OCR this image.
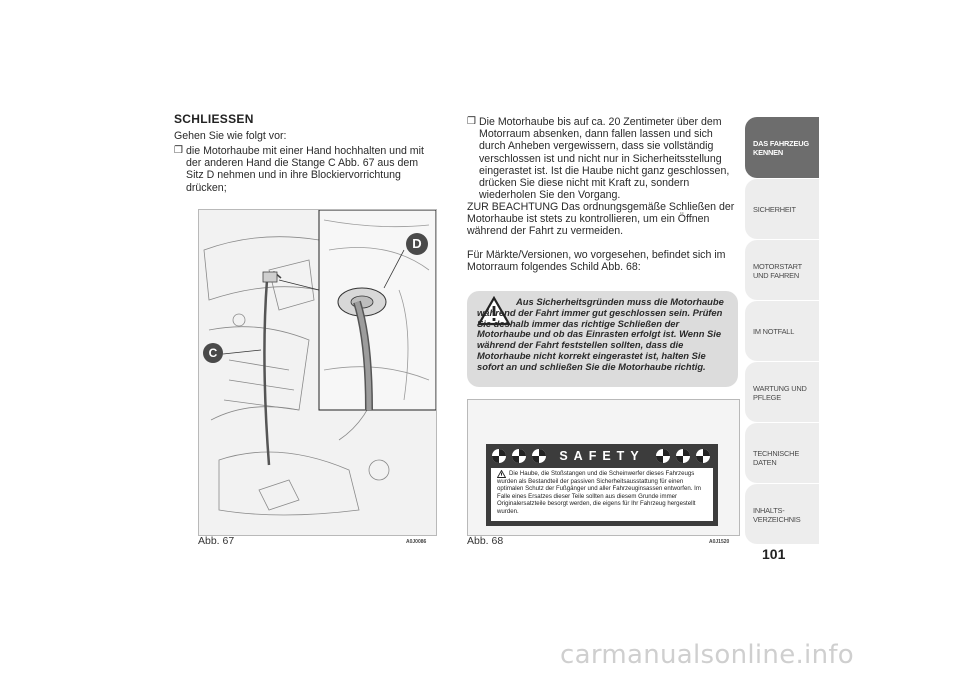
SCHLIESSEN
Gehen Sie wie folgt vor:
❒ die Motorhaube mit einer Hand hochhalten und mit der anderen Hand die Stange C Abb. 67 aus dem Sitz D nehmen und in ihre Blockiervorrichtung drücken;
C
D
Abb. 67	A0J0086
❒ Die Motorhaube bis auf ca. 20 Zentimeter über dem Motorraum absenken, dann fallen lassen und sich durch Anheben vergewissern, dass sie vollständig verschlossen ist und nicht nur in Sicherheitsstellung eingerastet ist. Ist die Haube nicht ganz geschlossen, drücken Sie diese nicht mit Kraft zu, sondern wiederholen Sie den Vorgang.
ZUR BEACHTUNG Das ordnungsgemäße Schließen der Motorhaube ist stets zu kontrollieren, um ein Öffnen während der Fahrt zu vermeiden.
Für Märkte/Versionen, wo vorgesehen, befindet sich im Motorraum folgendes Schild Abb. 68:
Aus Sicherheitsgründen muss die Motorhaube während der Fahrt immer gut geschlossen sein. Prüfen Sie deshalb immer das richtige Schließen der Motorhaube und ob das Einrasten erfolgt ist. Wenn Sie während der Fahrt feststellen sollten, dass die Motorhaube nicht korrekt eingerastet ist, halten Sie sofort an und schließen Sie die Motorhaube richtig.
SAFETY
Die Haube, die Stoßstangen und die Scheinwerfer dieses Fahrzeugs wurden als Bestandteil der passiven Sicherheitsausstattung für einen optimalen Schutz der Fußgänger und aller Fahrzeuginsassen entworfen. Im Falle eines Ersatzes dieser Teile sollten aus diesem Grunde immer Originalersatzteile besorgt werden, die eigens für Ihr Fahrzeug hergestellt wurden.
Abb. 68	A0J1520
DAS FAHRZEUG KENNEN
SICHERHEIT
MOTORSTART UND FAHREN
IM NOTFALL
WARTUNG UND PFLEGE
TECHNISCHE DATEN
INHALTS-VERZEICHNIS
101
carmanualsonline.info
